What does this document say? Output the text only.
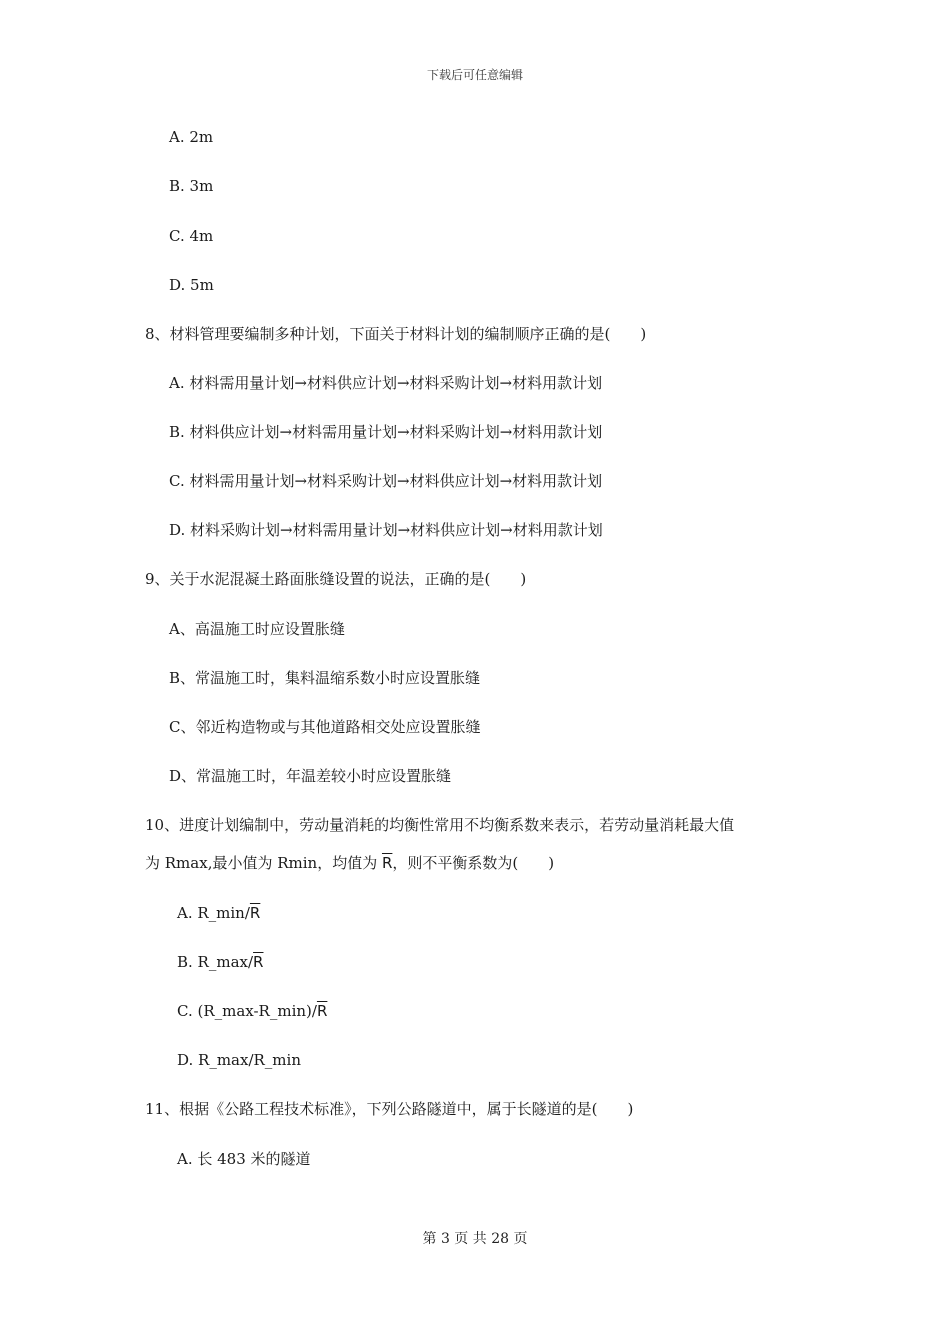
下载后可任意编辑
A. 2m
B. 3m
C. 4m
D. 5m
8、材料管理要编制多种计划，下面关于材料计划的编制顺序正确的是(　　)
A. 材料需用量计划→材料供应计划→材料采购计划→材料用款计划
B. 材料供应计划→材料需用量计划→材料采购计划→材料用款计划
C. 材料需用量计划→材料采购计划→材料供应计划→材料用款计划
D. 材料采购计划→材料需用量计划→材料供应计划→材料用款计划
9、关于水泥混凝土路面胀缝设置的说法，正确的是(　　)
A、高温施工时应设置胀缝
B、常温施工时，集料温缩系数小时应设置胀缝
C、邻近构造物或与其他道路相交处应设置胀缝
D、常温施工时，年温差较小时应设置胀缝
10、进度计划编制中，劳动量消耗的均衡性常用不均衡系数来表示，若劳动量消耗最大值
为 Rmax,最小值为 Rmin，均值为 $\overline{R}$，则不平衡系数为(　　)
A. $R\_\min/\overline{R}$
B. $R\_\max/\overline{R}$
C. $(R\_\max-R\_\min)/\overline{R}$
D. R_max/R_min
11、根据《公路工程技术标准》，下列公路隧道中，属于长隧道的是(　　)
A. 长 483 米的隧道
第 3 页 共 28 页
